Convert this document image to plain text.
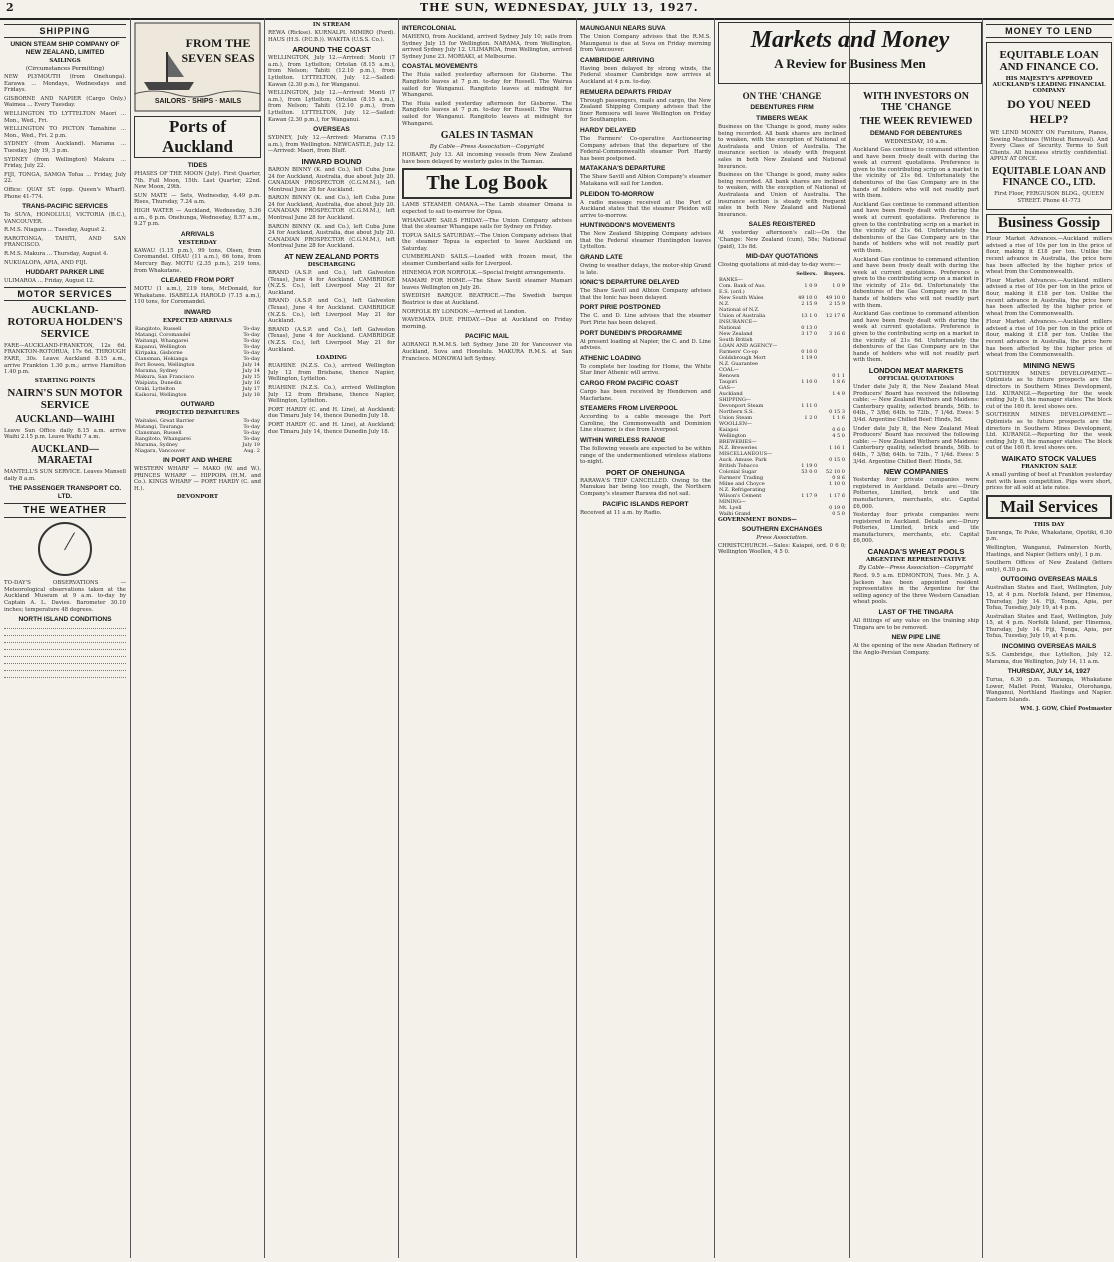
2	THE SUN, WEDNESDAY, JULY 13, 1927.
SHIPPING
UNION STEAM SHIP COMPANY OF NEW ZEALAND, LIMITED
SAILINGS
(Circumstances Permitting)

NEW PLYMOUTH (from Onehunga). Earawa ... Mondays, Wednesdays and Fridays.

GISBORNE AND NAPIER (Cargo Only.) Waimea ... Every Tuesday.

WELLINGTON TO LYTTELTON Maori ... Mon., Wed., Fri.

WELLINGTON TO PICTON Tamahine ... Mon., Wed., Fri. 2 p.m.

SYDNEY (from Auckland). Marama ... Tuesday, July 19, 3 p.m.

SYDNEY (from Wellington) Makura ... Friday, July 22.

FIJI, TONGA, SAMOA Tofua ... Friday, July 22.

Office: QUAY ST. (opp. Queen's Wharf). Phone 41-774.

TRANS-PACIFIC SERVICES

To SUVA, HONOLULU, VICTORIA (B.C.), VANCOUVER.

R.M.S. Niagara ... Tuesday, August 2.

RAROTONGA, TAHITI, AND SAN FRANCISCO.

R.M.S. Makura ... Thursday, August 4.

NUKUALOFA, APIA, AND FIJI.

HUDDART PARKER LINE

ULIMAROA ... Friday, August 12.

MOTOR SERVICES
AUCKLAND-ROTORUA HOLDEN'S SERVICE

FARE—AUCKLAND-FRANKTON, 12s 6d. FRANKTON-ROTORUA, 17s 6d. THROUGH FARE, 30s. Leave Auckland 8.15 a.m., arrive Frankton 1.30 p.m.; arrive Hamilton 1.40 p.m.

STARTING POINTS
NAIRN'S SUN MOTOR SERVICE
AUCKLAND—WAIHI

Leave Sun Office daily 8.15 a.m. arrive Waihi 2.15 p.m. Leave Waihi 7 a.m.

AUCKLAND—MARAETAI

MANTELL'S SUN SERVICE. Leaves Mansell daily 8 a.m.

THE PASSENGER TRANSPORT CO. LTD.
THE WEATHER

TO-DAY'S OBSERVATIONS — Meteorological observations taken at the Auckland Museum at 9 a.m. to-day by Captain A. L. Davies. Barometer 30.10 inches; temperature 48 degrees.

NORTH ISLAND CONDITIONS
FROM THE SEVEN SEAS
SAILORS · SHIPS · MAILS
Ports of Auckland
TIDES

PHASES OF THE MOON (July). First Quarter, 7th. Full Moon, 15th. Last Quarter, 22nd. New Moon, 29th.

SUN MATE — Sets, Wednesday, 4.49 p.m. Rises, Thursday, 7.24 a.m.

HIGH WATER — Auckland, Wednesday, 5.36 a.m., 6 p.m. Onehunga, Wednesday, 8.57 a.m., 9.27 p.m.

ARRIVALS
YESTERDAY

KAWAU (1.15 p.m.), 99 tons, Olsen, from Coromandel. OHAU (11 a.m.), 66 tons, from Mercury Bay. MOTU (2.35 p.m.), 219 tons, from Whakatane.

CLEARED FROM PORT

MOTU (1 a.m.), 219 tons, McDonald, for Whakatane. ISABELLA HAROLD (7.15 a.m.), 110 tons, for Coromandel.

INWARD
EXPECTED ARRIVALS
Rangitoto, Russell	To-day
Matangi, Coromandel	To-day
Waitangi, Whangarei	To-day
Kapanui, Wellington	To-day
Kiripaka, Gisborne	To-day
Clansman, Hokianga	To-day
Port Bowen, Wellington	July 14
Marama, Sydney	July 14
Makura, San Francisco	July 15
Waipiata, Dunedin	July 16
Oraki, Lyttelton	July 17
Kaikorai, Wellington	July 18
OUTWARD
PROJECTED DEPARTURES
Waitakei, Great Barrier	To-day
Matangi, Tauranga	To-day
Clansman, Russell	To-day
Rangitoto, Whangarei	To-day
Marama, Sydney	July 19
Niagara, Vancouver	Aug. 2
IN PORT AND WHERE

WESTERN WHARF — MAKO (W. and W.). PRINCES WHARF — HIPPOPA (H.M. and Co.). KINGS WHARF — PORT HARDY (C. and H.).

DEVONPORT
IN STREAM

REWA (Rickse). KURNALPI. MIMIRO (Ford). HAUS (H.S. (P.C.B.)). WAKITA (U.S.S. Co.).

AROUND THE COAST

WELLINGTON, July 12.—Arrived: Monti (7 a.m.), from Lyttelton; Ortolan (8.15 a.m.), from Nelson; Tahiti (12.10 p.m.), from Lyttelton. LYTTELTON, July 12.—Sailed: Kawan (2.30 p.m.), for Wanganui.

WELLINGTON, July 12.—Arrived: Monti (7 a.m.), from Lyttelton; Ortolan (8.15 a.m.), from Nelson; Tahiti (12.10 p.m.), from Lyttelton. LYTTELTON, July 12.—Sailed: Kawan (2.30 p.m.), for Wanganui.

OVERSEAS

SYDNEY, July 12.—Arrived: Marama (7.15 a.m.), from Wellington. NEWCASTLE, July 12.—Arrived: Maori, from Bluff.

INWARD BOUND

BARON BINNY (K. and Co.), left Cuba June 24 for Auckland, Australia, due about July 20. CANADIAN PROSPECTOR (C.G.M.M.), left Montreal June 28 for Auckland.

BARON BINNY (K. and Co.), left Cuba June 24 for Auckland, Australia, due about July 20. CANADIAN PROSPECTOR (C.G.M.M.), left Montreal June 28 for Auckland.

BARON BINNY (K. and Co.), left Cuba June 24 for Auckland, Australia, due about July 20. CANADIAN PROSPECTOR (C.G.M.M.), left Montreal June 28 for Auckland.

AT NEW ZEALAND PORTS
DISCHARGING

BRAND (A.S.P. and Co.), left Galveston (Texas), June 4 for Auckland. CAMBRIDGE (N.Z.S. Co.), left Liverpool May 21 for Auckland.

BRAND (A.S.P. and Co.), left Galveston (Texas), June 4 for Auckland. CAMBRIDGE (N.Z.S. Co.), left Liverpool May 21 for Auckland.

BRAND (A.S.P. and Co.), left Galveston (Texas), June 4 for Auckland. CAMBRIDGE (N.Z.S. Co.), left Liverpool May 21 for Auckland.

LOADING

RUAHINE (N.Z.S. Co.), arrived Wellington July 12 from Brisbane, thence Napier, Wellington, Lyttelton.

RUAHINE (N.Z.S. Co.), arrived Wellington July 12 from Brisbane, thence Napier, Wellington, Lyttelton.

PORT HARDY (C. and H. Line), at Auckland; due Timaru July 14, thence Dunedin July 18.

PORT HARDY (C. and H. Line), at Auckland; due Timaru July 14, thence Dunedin July 18.

INTERCOLONIAL

MAHENO, from Auckland, arrived Sydney July 10; sails from Sydney July 15 for Wellington. NARAMA, from Wellington, arrived Sydney July 12. ULIMAROA, from Wellington, arrived Sydney June 23. MORIAKI, at Melbourne.

COASTAL MOVEMENTS

The Huia sailed yesterday afternoon for Gisborne. The Rangitoto leaves at 7 p.m. to-day for Russell. The Wairua sailed for Wanganui. Rangitoto leaves at midnight for Whangarei.

The Huia sailed yesterday afternoon for Gisborne. The Rangitoto leaves at 7 p.m. to-day for Russell. The Wairua sailed for Wanganui. Rangitoto leaves at midnight for Whangarei.

GALES IN TASMAN
By Cable—Press Association—Copyright

HOBART, July 13. All incoming vessels from New Zealand have been delayed by westerly gales in the Tasman.

The Log Book

LAMB STEAMER OMANA.—The Lamb steamer Omana is expected to sail to-morrow for Opua.

WHANGAPE SAILS FRIDAY.—The Union Company advises that the steamer Whangape sails for Sydney on Friday.

TOPUA SAILS SATURDAY.—The Union Company advises that the steamer Topua is expected to leave Auckland on Saturday.

CUMBERLAND SAILS.—Loaded with frozen meat, the steamer Cumberland sails for Liverpool.

HINEMOA FOR NORFOLK.—Special freight arrangements.

MAMARI FOR HOME.—The Shaw Savill steamer Mamari leaves Wellington on July 26.

SWEDISH BARQUE BEATRICE.—The Swedish barque Beatrice is due at Auckland.

NORFOLK BY LONDON.—Arrived at London.

WAVEMATA DUE FRIDAY.—Due at Auckland on Friday morning.

PACIFIC MAIL

AORANGI R.M.M.S. left Sydney June 20 for Vancouver via Auckland, Suva and Honolulu. MAKURA R.M.S. at San Francisco. MONOWAI left Sydney.

MAUNGANUI NEARS SUVA

The Union Company advises that the R.M.S. Maunganui is due at Suva on Friday morning from Vancouver.

CAMBRIDGE ARRIVING

Having been delayed by strong winds, the Federal steamer Cambridge now arrives at Auckland at 4 p.m. to-day.

REMUERA DEPARTS FRIDAY

Through passengers, mails and cargo, the New Zealand Shipping Company advises that the liner Remuera will leave Wellington on Friday for Southampton.

HARDY DELAYED

The Farmers' Co-operative Auctioneering Company advises that the departure of the Federal-Commonwealth steamer Port Hardy has been postponed.

MATAKANA'S DEPARTURE

The Shaw Savill and Albion Company's steamer Matakana will sail for London.

PLEIDON TO-MORROW

A radio message received at the Port of Auckland states that the steamer Pleidon will arrive to-morrow.

HUNTINGDON'S MOVEMENTS

The New Zealand Shipping Company advises that the Federal steamer Huntingdon leaves Lyttelton.

GRAND LATE

Owing to weather delays, the motor-ship Grand is late.

IONIC'S DEPARTURE DELAYED

The Shaw Savill and Albion Company advises that the Ionic has been delayed.

PORT PIRIE POSTPONED

The C. and D. Line advises that the steamer Port Pirie has been delayed.

PORT DUNEDIN'S PROGRAMME

At present loading at Napier, the C. and D. Line advises.

ATHENIC LOADING

To complete her loading for Home, the White Star liner Athenic will arrive.

CARGO FROM PACIFIC COAST

Cargo has been received by Henderson and Macfarlane.

STEAMERS FROM LIVERPOOL

According to a cable message the Port Caroline, the Commonwealth and Dominion Line steamer, is due from Liverpool.

WITHIN WIRELESS RANGE

The following vessels are expected to be within range of the undermentioned wireless stations to-night.

PORT OF ONEHUNGA

RARAWA'S TRIP CANCELLED. Owing to the Manukau bar being too rough, the Northern Company's steamer Rarawa did not sail.

PACIFIC ISLANDS REPORT

Received at 11 a.m. by Radio.

Markets and Money
A Review for Business Men
ON THE 'CHANGE
DEBENTURES FIRM
TIMBERS WEAK

Business on the 'Change is good, many sales being recorded. All bank shares are inclined to weaken, with the exception of National of Australasia and Union of Australia. The insurance section is steady with frequent sales in both New Zealand and National Insurance.

Business on the 'Change is good, many sales being recorded. All bank shares are inclined to weaken, with the exception of National of Australasia and Union of Australia. The insurance section is steady with frequent sales in both New Zealand and National Insurance.

SALES REGISTERED

At yesterday afternoon's call:—On the 'Change: New Zealand (cum), 58s; National (paid), 13s 8d.

MID-DAY QUOTATIONS

Closing quotations at mid-day to-day were:—

	Sellers.	Buyers.
BANKS—		
Com. Bank of Aus.	1 0 9	1 0 9
E.S. (ord.)		
New South Wales	49 10 0	49 10 0
N.Z.	2 15 9	2 15 9
National of N.Z.		
Union of Australia	13 1 0	12 17 6
INSURANCE—		
National	0 13 0	
New Zealand	3 17 0	3 16 6
South British		
LOAN AND AGENCY—		
Farmers' Co-op	0 10 0	
Goldsbrough Mort	1 19 0	
N.Z. Guarantee		
COAL—		
Renown		0 1 1
Taupiri	1 10 0	1 8 6
GAS—		
Auckland		1 4 9
SHIPPING—		
Devonport Steam	1 11 0	
Northern S.S.		0 15 3
Union Steam	1 2 0	1 1 6
WOOLLEN—		
Kaiapoi		0 6 0
Wellington		4 5 0
BREWERIES—		
N.Z. Breweries		1 16 1
MISCELLANEOUS—		
Auck. Amuse. Park		0 15 0
British Tobacco	1 19 0	
Colonial Sugar	53 0 0	52 10 0
Farmers' Trading		0 8 6
Milne and Choyce		1 10 0
N.Z. Refrigerating		
Wilson's Cement	1 17 9	1 17 6
MINING—		
Mt. Lyell		0 19 0
Waihi Grand		0 5 0
GOVERNMENT BONDS—
SOUTHERN EXCHANGES
Press Association.

CHRISTCHURCH.—Sales: Kaiapoi, ord. 0 6 0; Wellington Woollen, 4 5 0.

WITH INVESTORS ON THE 'CHANGE
THE WEEK REVIEWED
DEMAND FOR DEBENTURES
WEDNESDAY, 10 a.m.

Auckland Gas continue to command attention and have been freely dealt with during the week at current quotations. Preference is given to the contributing scrip on a market in the vicinity of 21s 6d. Unfortunately the debentures of the Gas Company are in the hands of holders who will not readily part with them.

Auckland Gas continue to command attention and have been freely dealt with during the week at current quotations. Preference is given to the contributing scrip on a market in the vicinity of 21s 6d. Unfortunately the debentures of the Gas Company are in the hands of holders who will not readily part with them.

Auckland Gas continue to command attention and have been freely dealt with during the week at current quotations. Preference is given to the contributing scrip on a market in the vicinity of 21s 6d. Unfortunately the debentures of the Gas Company are in the hands of holders who will not readily part with them.

Auckland Gas continue to command attention and have been freely dealt with during the week at current quotations. Preference is given to the contributing scrip on a market in the vicinity of 21s 6d. Unfortunately the debentures of the Gas Company are in the hands of holders who will not readily part with them.

LONDON MEAT MARKETS
OFFICIAL QUOTATIONS

Under date July 8, the New Zealand Meat Producers' Board has received the following cable: — New Zealand Wethers and Maidens: Canterbury quality, selected brands, 56lb. to 64lb., 7 3/8d; 64lb. to 72lb., 7 1/4d. Ewes: 5 3/4d. Argentine Chilled Beef: Hinds, 5d.

Under date July 8, the New Zealand Meat Producers' Board has received the following cable: — New Zealand Wethers and Maidens: Canterbury quality, selected brands, 56lb. to 64lb., 7 3/8d; 64lb. to 72lb., 7 1/4d. Ewes: 5 3/4d. Argentine Chilled Beef: Hinds, 5d.

NEW COMPANIES

Yesterday four private companies were registered in Auckland. Details are:—Drury Potteries, Limited, brick and tile manufacturers, merchants, etc. Capital £6,000.

Yesterday four private companies were registered in Auckland. Details are:—Drury Potteries, Limited, brick and tile manufacturers, merchants, etc. Capital £6,000.

CANADA'S WHEAT POOLS
ARGENTINE REPRESENTATIVE
By Cable—Press Association—Copyright

Recd. 9.5 a.m. EDMONTON, Tues. Mr. J. A. Jackson has been appointed resident representative in the Argentine for the selling agency of the three Western Canadian wheat pools.

LAST OF THE TINGARA

All fittings of any value on the training ship Tingara are to be removed.

NEW PIPE LINE

At the opening of the new Abadan Refinery of the Anglo-Persian Company.

MONEY TO LEND
EQUITABLE LOAN AND FINANCE CO.
HIS MAJESTY'S APPROVED AUCKLAND'S LEADING FINANCIAL COMPANY
DO YOU NEED HELP?

WE LEND MONEY ON Furniture, Pianos, Sewing Machines (Without Removal). And Every Class of Security. Terms to Suit Clients. All business strictly confidential. APPLY AT ONCE.

EQUITABLE LOAN AND FINANCE CO., LTD.

First Floor, FERGUSON BLDG., QUEEN STREET. Phone 41-773

Business Gossip

Flour Market Advances.—Auckland millers advised a rise of 10s per ton in the price of flour, making it £18 per ton. Unlike the recent advance in Australia, the price here has been affected by the higher price of wheat from the Commonwealth.

Flour Market Advances.—Auckland millers advised a rise of 10s per ton in the price of flour, making it £18 per ton. Unlike the recent advance in Australia, the price here has been affected by the higher price of wheat from the Commonwealth.

Flour Market Advances.—Auckland millers advised a rise of 10s per ton in the price of flour, making it £18 per ton. Unlike the recent advance in Australia, the price here has been affected by the higher price of wheat from the Commonwealth.

MINING NEWS

SOUTHERN MINES DEVELOPMENT.—Optimists as to future prospects are the directors in Southern Mines Development, Ltd. KURANGI.—Reporting for the week ending July 8, the manager states: The block cut of the 160 ft. level shows ore.

SOUTHERN MINES DEVELOPMENT.—Optimists as to future prospects are the directors in Southern Mines Development, Ltd. KURANGI.—Reporting for the week ending July 8, the manager states: The block cut of the 160 ft. level shows ore.

WAIKATO STOCK VALUES
FRANKTON SALE

A small yarding of beef at Frankton yesterday met with keen competition. Pigs were short, prices for all sold at late rates.

Mail Services
THIS DAY

Tauranga, Te Puke, Whakatane, Opotiki, 6.30 p.m.

Wellington, Wanganui, Palmerston North, Hastings, and Napier (letters only), 1 p.m.

Southern Offices of New Zealand (letters only), 6.30 p.m.

OUTGOING OVERSEAS MAILS

Australian States and East, Wellington, July 15, at 4 p.m. Norfolk Island, per Hinemoa, Thursday, July 14. Fiji, Tonga, Apia, per Tofua, Tuesday, July 19, at 4 p.m.

Australian States and East, Wellington, July 15, at 4 p.m. Norfolk Island, per Hinemoa, Thursday, July 14. Fiji, Tonga, Apia, per Tofua, Tuesday, July 19, at 4 p.m.

INCOMING OVERSEAS MAILS

S.S. Cambridge, due Lyttelton, July 12. Marama, due Wellington, July 14, 11 a.m.

THURSDAY, JULY 14, 1927

Turua, 6.30 p.m. Tauranga, Whakatane Lower, Mallet Point, Waiuku, Otorohanga, Wanganui, Northland Hastings and Napier. Eastern Islands.

WM. J. GOW, Chief Postmaster
